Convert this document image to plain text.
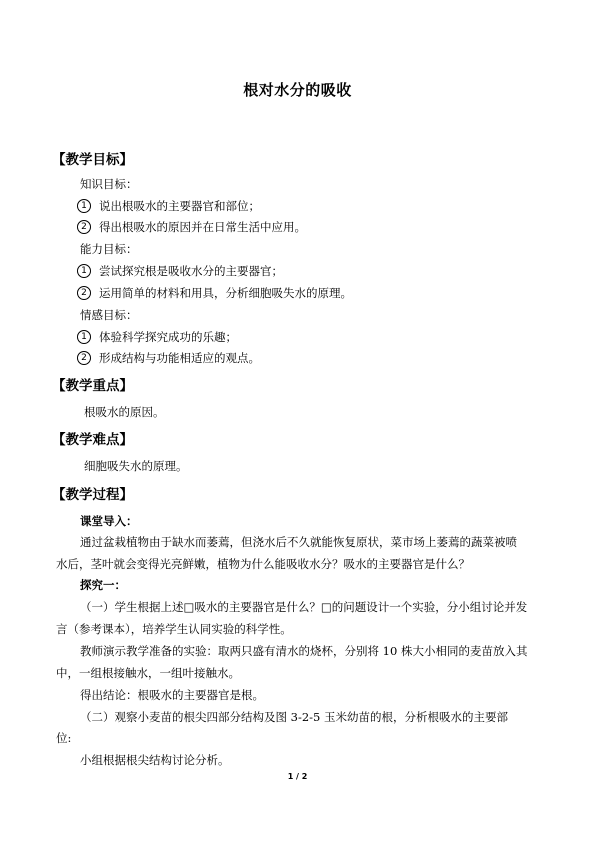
根对水分的吸收
【教学目标】
知识目标：
1 说出根吸水的主要器官和部位；
2 得出根吸水的原因并在日常生活中应用。
能力目标：
1 尝试探究根是吸收水分的主要器官；
2 运用简单的材料和用具，分析细胞吸失水的原理。
情感目标：
1 体验科学探究成功的乐趣；
2 形成结构与功能相适应的观点。
【教学重点】
根吸水的原因。
【教学难点】
细胞吸失水的原理。
【教学过程】
课堂导入：
通过盆栽植物由于缺水而萎蔫，但浇水后不久就能恢复原状，菜市场上萎蔫的蔬菜被喷
水后，茎叶就会变得光亮鲜嫩，植物为什么能吸收水分？吸水的主要器官是什么？
探究一：
（一）学生根据上述□吸水的主要器官是什么？□的问题设计一个实验，分小组讨论并发
言（参考课本），培养学生认同实验的科学性。
教师演示教学准备的实验：取两只盛有清水的烧杯，分别将 10 株大小相同的麦苗放入其
中，一组根接触水，一组叶接触水。
得出结论：根吸水的主要器官是根。
（二）观察小麦苗的根尖四部分结构及图 3-2-5 玉米幼苗的根，分析根吸水的主要部
位:
小组根据根尖结构讨论分析。
1 / 2
